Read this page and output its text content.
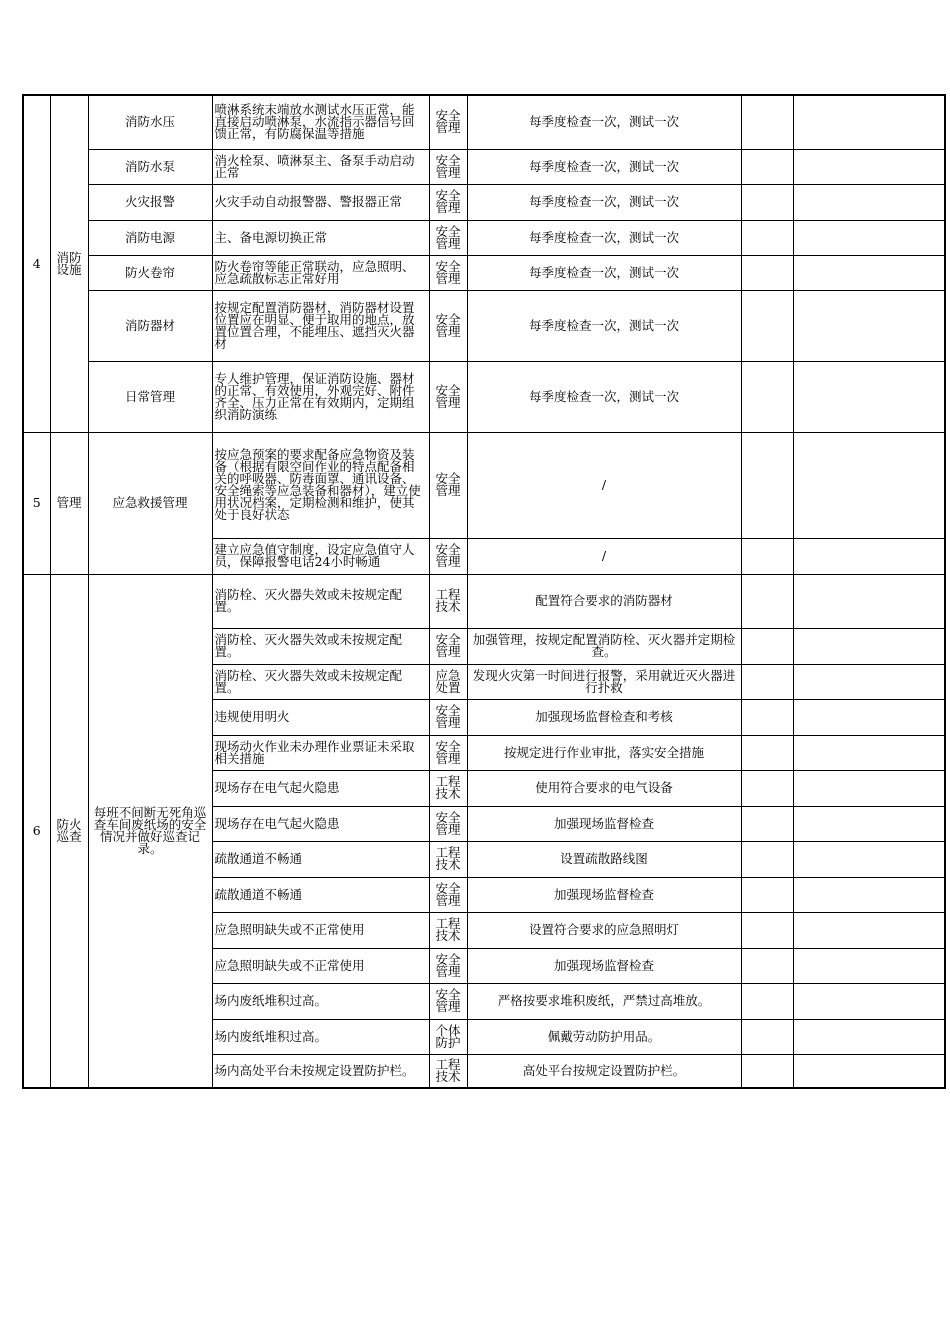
4	消防设施	消防水压	喷淋系统末端放水测试水压正常，能直接启动喷淋泵，水流指示器信号回馈正常，有防腐保温等措施	安全管理	每季度检查一次，测试一次		
		消防水泵	消火栓泵、喷淋泵主、备泵手动启动正常	安全管理	每季度检查一次，测试一次		
		火灾报警	火灾手动自动报警器、警报器正常	安全管理	每季度检查一次，测试一次		
		消防电源	主、备电源切换正常	安全管理	每季度检查一次，测试一次		
		防火卷帘	防火卷帘等能正常联动，应急照明、应急疏散标志正常好用	安全管理	每季度检查一次，测试一次		
		消防器材	按规定配置消防器材，消防器材设置位置应在明显、便于取用的地点，放置位置合理，不能埋压、遮挡灭火器材	安全管理	每季度检查一次，测试一次		
		日常管理	专人维护管理，保证消防设施、器材的正常、有效使用，外观完好、附件齐全、压力正常在有效期内，定期组织消防演练	安全管理	每季度检查一次，测试一次		
5	管理	应急救援管理	按应急预案的要求配备应急物资及装备（根据有限空间作业的特点配备相关的呼吸器、防毒面罩、通讯设备、安全绳索等应急装备和器材），建立使用状况档案，定期检测和维护，使其处于良好状态	安全管理	/		
			建立应急值守制度，设定应急值守人员，保障报警电话24小时畅通	安全管理	/		
6	防火巡查	每班不间断无死角巡查车间废纸场的安全情况并做好巡查记录。	消防栓、灭火器失效或未按规定配置。	工程技术	配置符合要求的消防器材		
			消防栓、灭火器失效或未按规定配置。	安全管理	加强管理，按规定配置消防栓、灭火器并定期检查。		
			消防栓、灭火器失效或未按规定配置。	应急处置	发现火灾第一时间进行报警，采用就近灭火器进行扑救		
			违规使用明火	安全管理	加强现场监督检查和考核		
			现场动火作业未办理作业票证未采取相关措施	安全管理	按规定进行作业审批，落实安全措施		
			现场存在电气起火隐患	工程技术	使用符合要求的电气设备		
			现场存在电气起火隐患	安全管理	加强现场监督检查		
			疏散通道不畅通	工程技术	设置疏散路线图		
			疏散通道不畅通	安全管理	加强现场监督检查		
			应急照明缺失或不正常使用	工程技术	设置符合要求的应急照明灯		
			应急照明缺失或不正常使用	安全管理	加强现场监督检查		
			场内废纸堆积过高。	安全管理	严格按要求堆积废纸，严禁过高堆放。		
			场内废纸堆积过高。	个体防护	佩戴劳动防护用品。		
			场内高处平台未按规定设置防护栏。	工程技术	高处平台按规定设置防护栏。		
